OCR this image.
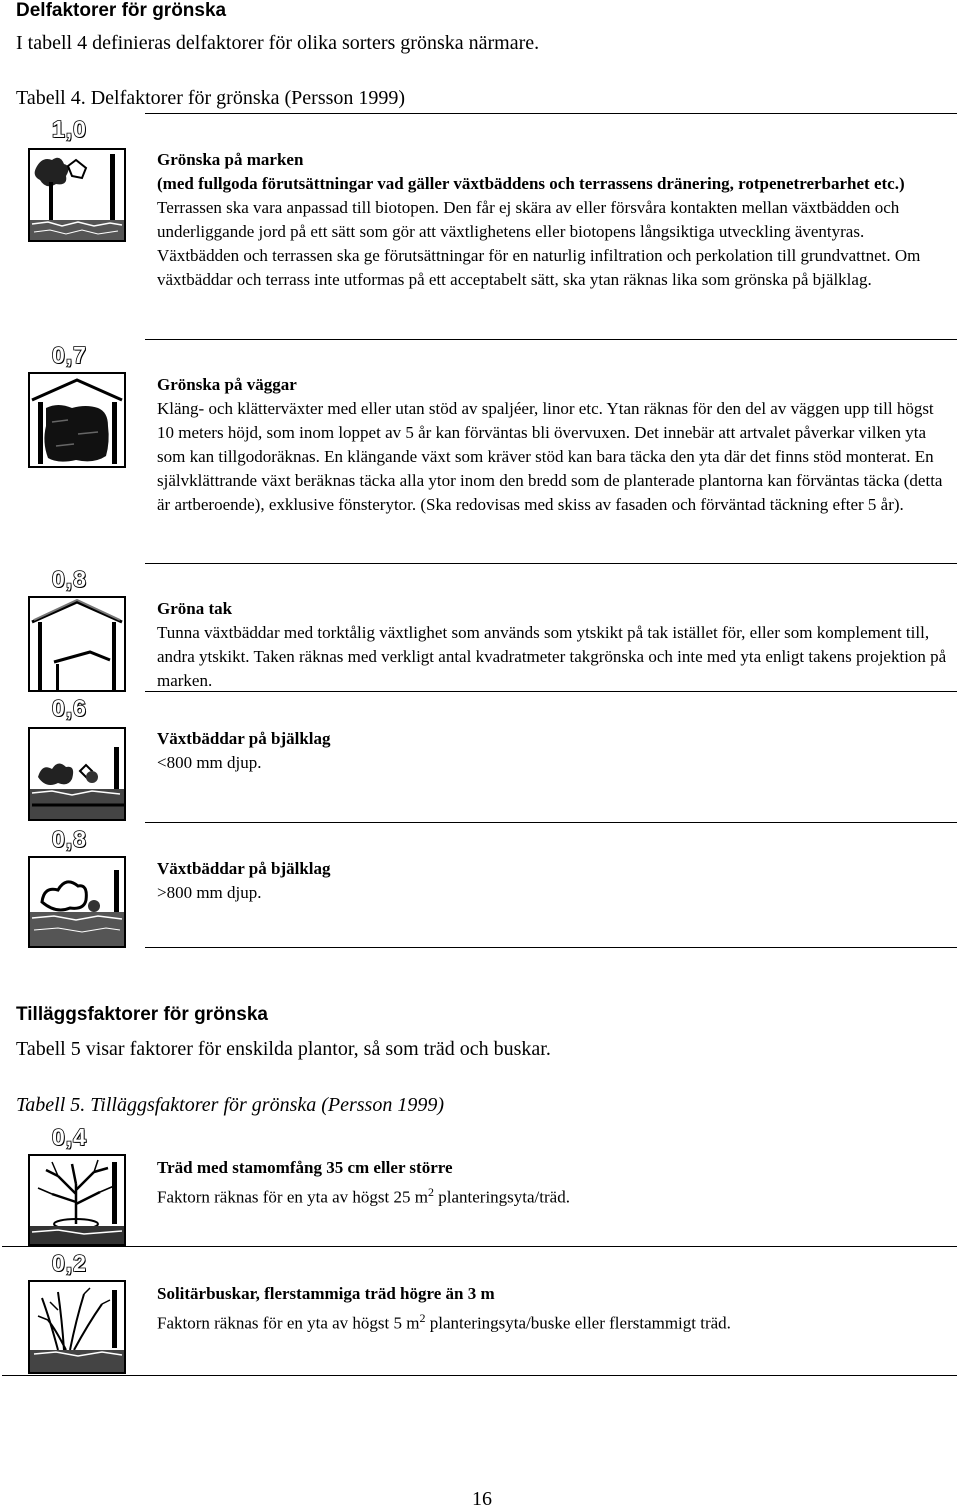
Delfaktorer för grönska
I tabell 4 definieras delfaktorer för olika sorters grönska närmare.
Tabell 4. Delfaktorer för grönska (Persson 1999)
1,0
Grönska på marken
(med fullgoda förutsättningar vad gäller växtbäddens och terrassens dränering, rotpenetrerbarhet etc.)
Terrassen ska vara anpassad till biotopen. Den får ej skära av eller försvåra kontakten mellan växtbädden och underliggande jord på ett sätt som gör att växtlighetens eller biotopens långsiktiga utveckling äventyras. Växtbädden och terrassen ska ge förutsättningar för en naturlig infiltration och perkolation till grundvattnet. Om växtbäddar och terrass inte utformas på ett acceptabelt sätt, ska ytan räknas lika som grönska på bjälklag.
0,7
Grönska på väggar
Kläng- och klätterväxter med eller utan stöd av spaljéer, linor etc. Ytan räknas för den del av väggen upp till högst 10 meters höjd, som inom loppet av 5 år kan förväntas bli övervuxen. Det innebär att artvalet påverkar vilken yta som kan tillgodoräknas. En klängande växt som kräver stöd kan bara täcka den yta där det finns stöd monterat. En självklättrande växt beräknas täcka alla ytor inom den bredd som de planterade plantorna kan förväntas täcka (detta är artberoende), exklusive fönsterytor. (Ska redovisas med skiss av fasaden och förväntad täckning efter 5 år).
0,8
Gröna tak
Tunna växtbäddar med torktålig växtlighet som används som ytskikt på tak istället för, eller som komplement till, andra ytskikt. Taken räknas med verkligt antal kvadratmeter takgrönska och inte med yta enligt takens projektion på marken.
0,6
Växtbäddar på bjälklag
<800 mm djup.
0,8
Växtbäddar på bjälklag
>800 mm djup.
Tilläggsfaktorer för grönska
Tabell 5 visar faktorer för enskilda plantor, så som träd och buskar.
Tabell 5. Tilläggsfaktorer för grönska (Persson 1999)
0,4
Träd med stamomfång 35 cm eller större
Faktorn räknas för en yta av högst 25 $m^2$ planteringsyta/träd.
0,2
Solitärbuskar, flerstammiga träd högre än 3 m
Faktorn räknas för en yta av högst 5 $m^2$ planteringsyta/buske eller flerstammigt träd.
16
